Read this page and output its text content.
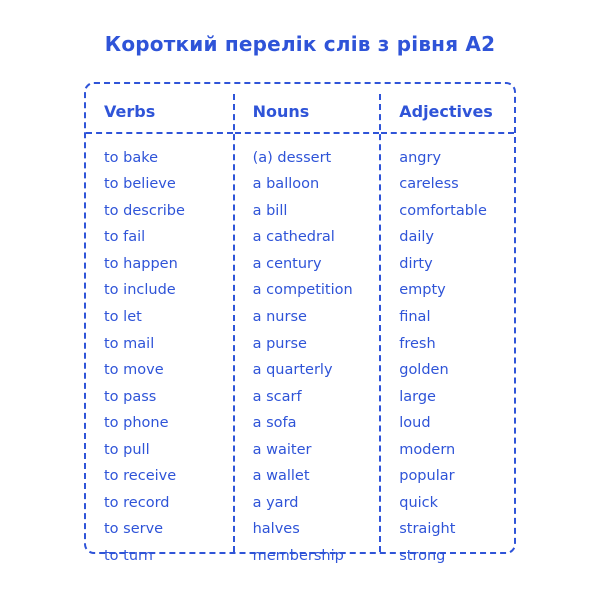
Короткий перелік слів з рівня A2
Verbs
to bake
to believe
to describe
to fail
to happen
to include
to let
to mail
to move
to pass
to phone
to pull
to receive
to record
to serve
to turn
Nouns
(a) dessert
a balloon
a bill
a cathedral
a century
a competition
a nurse
a purse
a quarterly
a scarf
a sofa
a waiter
a wallet
a yard
halves
membership
Adjectives
angry
careless
comfortable
daily
dirty
empty
final
fresh
golden
large
loud
modern
popular
quick
straight
strong
